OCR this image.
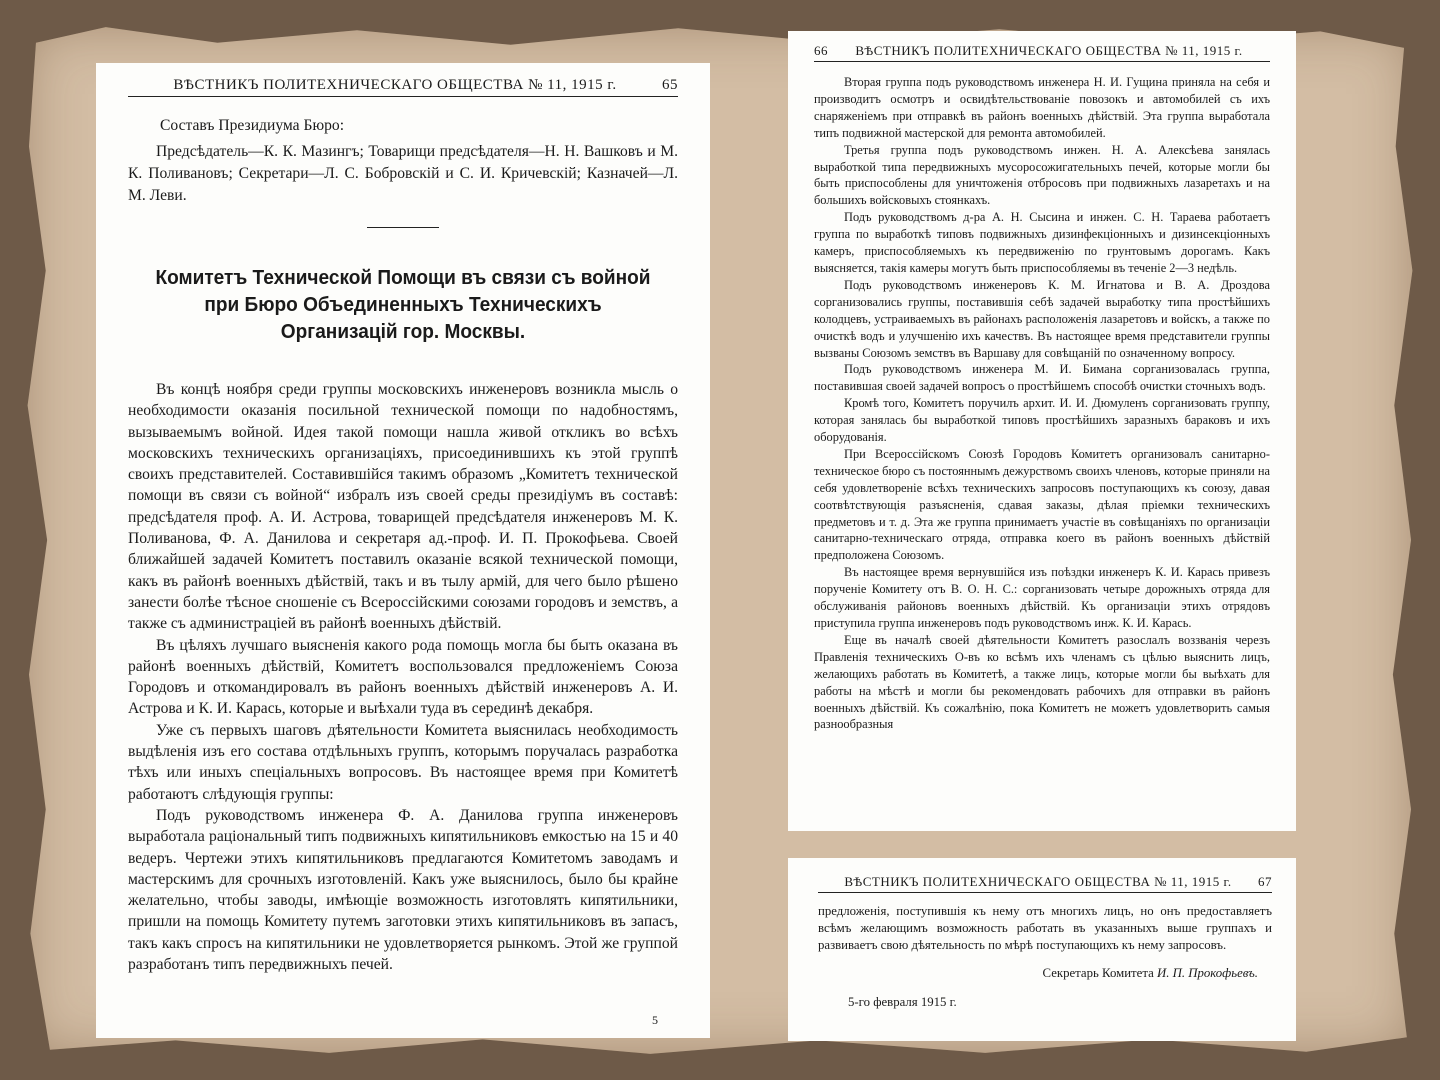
ВѢСТНИКЪ ПОЛИТЕХНИЧЕСКАГО ОБЩЕСТВА № 11, 1915 г.	65

Составъ Президиума Бюро:

Предсѣдатель—К. К. Мазингъ; Товарищи предсѣдателя—Н. Н. Вашковъ и М. К. Поливановъ; Секретари—Л. С. Бобровскій и С. И. Кричевскій; Казначей—Л. М. Леви.

Комитетъ Технической Помощи въ связи съ войной при Бюро Объединенныхъ Техническихъ Организацій гор. Москвы.

Въ концѣ ноября среди группы московскихъ инженеровъ возникла мысль о необходимости оказанія посильной технической помощи по надобностямъ, вызываемымъ войной. Идея такой помощи нашла живой откликъ во всѣхъ московскихъ техническихъ организаціяхъ, присоединившихъ къ этой группѣ своихъ представителей. Составившійся такимъ образомъ „Комитетъ технической помощи въ связи съ войной“ избралъ изъ своей среды президіумъ въ составѣ: предсѣдателя проф. А. И. Астрова, товарищей предсѣдателя инженеровъ М. К. Поливанова, Ф. А. Данилова и секретаря ад.-проф. И. П. Прокофьева. Своей ближайшей задачей Комитетъ поставилъ оказаніе всякой технической помощи, какъ въ районѣ военныхъ дѣйствій, такъ и въ тылу армій, для чего было рѣшено занести болѣе тѣсное сношеніе съ Всероссійскими союзами городовъ и земствъ, а также съ администраціей въ районѣ военныхъ дѣйствій.

Въ цѣляхъ лучшаго выясненія какого рода помощь могла бы быть оказана въ районѣ военныхъ дѣйствій, Комитетъ воспользовался предложеніемъ Союза Городовъ и откомандировалъ въ районъ военныхъ дѣйствій инженеровъ А. И. Астрова и К. И. Карась, которые и выѣхали туда въ серединѣ декабря.

Уже съ первыхъ шаговъ дѣятельности Комитета выяснилась необходимость выдѣленія изъ его состава отдѣльныхъ группъ, которымъ поручалась разработка тѣхъ или иныхъ спеціальныхъ вопросовъ. Въ настоящее время при Комитетѣ работаютъ слѣдующія группы:

Подъ руководствомъ инженера Ф. А. Данилова группа инженеровъ выработала раціональный типъ подвижныхъ кипятильниковъ емкостью на 15 и 40 ведеръ. Чертежи этихъ кипятильниковъ предлагаются Комитетомъ заводамъ и мастерскимъ для срочныхъ изготовленій. Какъ уже выяснилось, было бы крайне желательно, чтобы заводы, имѣющіе возможность изготовлять кипятильники, пришли на помощь Комитету путемъ заготовки этихъ кипятильниковъ въ запасъ, такъ какъ спросъ на кипятильники не удовлетворяется рынкомъ. Этой же группой разработанъ типъ передвижныхъ печей.

5
66	ВѢСТНИКЪ ПОЛИТЕХНИЧЕСКАГО ОБЩЕСТВА № 11, 1915 г.

Вторая группа подъ руководствомъ инженера Н. И. Гущина приняла на себя и производитъ осмотръ и освидѣтельствованіе повозокъ и автомобилей съ ихъ снаряженіемъ при отправкѣ въ районъ военныхъ дѣйствій. Эта группа выработала типъ подвижной мастерской для ремонта автомобилей.

Третья группа подъ руководствомъ инжен. Н. А. Алексѣева занялась выработкой типа передвижныхъ мусоросожигательныхъ печей, которые могли бы быть приспособлены для уничтоженія отбросовъ при подвижныхъ лазаретахъ и на большихъ войсковыхъ стоянкахъ.

Подъ руководствомъ д-ра А. Н. Сысина и инжен. С. Н. Тараева работаетъ группа по выработкѣ типовъ подвижныхъ дизинфекціонныхъ и дизинсекціонныхъ камеръ, приспособляемыхъ къ передвиженію по грунтовымъ дорогамъ. Какъ выясняется, такія камеры могутъ быть приспособляемы въ теченіе 2—3 недѣль.

Подъ руководствомъ инженеровъ К. М. Игнатова и В. А. Дроздова сорганизовались группы, поставившія себѣ задачей выработку типа простѣйшихъ колодцевъ, устраиваемыхъ въ районахъ расположенія лазаретовъ и войскъ, а также по очисткѣ водъ и улучшенію ихъ качествъ. Въ настоящее время представители группы вызваны Союзомъ земствъ въ Варшаву для совѣщаній по означенному вопросу.

Подъ руководствомъ инженера М. И. Бимана сорганизовалась группа, поставившая своей задачей вопросъ о простѣйшемъ способѣ очистки сточныхъ водъ.

Кромѣ того, Комитетъ поручилъ архит. И. И. Дюмуленъ сорганизовать группу, которая занялась бы выработкой типовъ простѣйшихъ заразныхъ бараковъ и ихъ оборудованія.

При Всероссійскомъ Союзѣ Городовъ Комитетъ организовалъ санитарно-техническое бюро съ постояннымъ дежурствомъ своихъ членовъ, которые приняли на себя удовлетвореніе всѣхъ техническихъ запросовъ поступающихъ къ союзу, давая соотвѣтствующія разъясненія, сдавая заказы, дѣлая пріемки техническихъ предметовъ и т. д. Эта же группа принимаетъ участіе въ совѣщаніяхъ по организаціи санитарно-техническаго отряда, отправка коего въ районъ военныхъ дѣйствій предположена Союзомъ.

Въ настоящее время вернувшійся изъ поѣздки инженеръ К. И. Карась привезъ порученіе Комитету отъ В. О. Н. С.: сорганизовать четыре дорожныхъ отряда для обслуживанія районовъ военныхъ дѣйствій. Къ организаціи этихъ отрядовъ приступила группа инженеровъ подъ руководствомъ инж. К. И. Карась.

Еще въ началѣ своей дѣятельности Комитетъ разослалъ воззванія черезъ Правленія техническихъ О-въ ко всѣмъ ихъ членамъ съ цѣлью выяснить лицъ, желающихъ работать въ Комитетѣ, а также лицъ, которые могли бы выѣхать для работы на мѣстѣ и могли бы рекомендовать рабочихъ для отправки въ районъ военныхъ дѣйствій. Къ сожалѣнію, пока Комитетъ не можетъ удовлетворить самыя разнообразныя

ВѢСТНИКЪ ПОЛИТЕХНИЧЕСКАГО ОБЩЕСТВА № 11, 1915 г.	67

предложенія, поступившія къ нему отъ многихъ лицъ, но онъ предоставляетъ всѣмъ желающимъ возможность работать въ указанныхъ выше группахъ и развиваетъ свою дѣятельность по мѣрѣ поступающихъ къ нему запросовъ.

Секретарь Комитета И. П. Прокофьевъ.
5-го февраля 1915 г.
